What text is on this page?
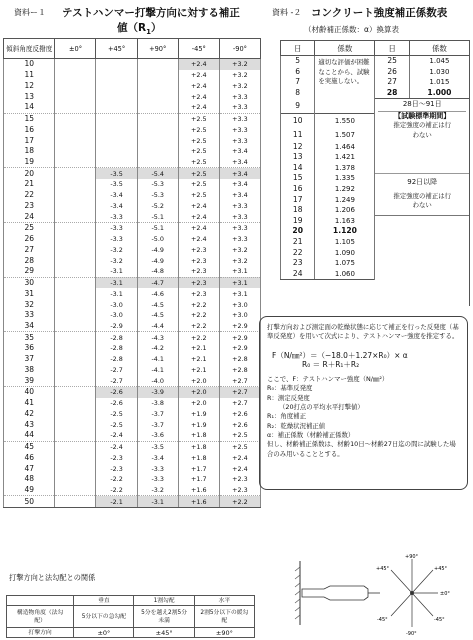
資料ー１ テストハンマー打撃方向に対する補正
値$(R_1)$
傾斜角度反撥度	±0°	+45°	+90°	-45°	-90°
10				+2.4	+3.2
11				+2.4	+3.2
12				+2.4	+3.2
13				+2.4	+3.3
14				+2.4	+3.3
15				+2.5	+3.3
16				+2.5	+3.3
17				+2.5	+3.3
18				+2.5	+3.4
19				+2.5	+3.4
20		-3.5	-5.4	+2.5	+3.4
21		-3.5	-5.3	+2.5	+3.4
22		-3.4	-5.3	+2.5	+3.4
23		-3.4	-5.2	+2.4	+3.3
24		-3.3	-5.1	+2.4	+3.3
25		-3.3	-5.1	+2.4	+3.3
26		-3.3	-5.0	+2.4	+3.3
27		-3.2	-4.9	+2.3	+3.2
28		-3.2	-4.9	+2.3	+3.2
29		-3.1	-4.8	+2.3	+3.1
30		-3.1	-4.7	+2.3	+3.1
31		-3.1	-4.6	+2.3	+3.1
32		-3.0	-4.5	+2.2	+3.0
33		-3.0	-4.5	+2.2	+3.0
34		-2.9	-4.4	+2.2	+2.9
35		-2.8	-4.3	+2.2	+2.9
36		-2.8	-4.2	+2.1	+2.9
37		-2.8	-4.1	+2.1	+2.8
38		-2.7	-4.1	+2.1	+2.8
39		-2.7	-4.0	+2.0	+2.7
40		-2.6	-3.9	+2.0	+2.7
41		-2.6	-3.8	+2.0	+2.7
42		-2.5	-3.7	+1.9	+2.6
43		-2.5	-3.7	+1.9	+2.6
44		-2.4	-3.6	+1.8	+2.5
45		-2.4	-3.5	+1.8	+2.5
46		-2.3	-3.4	+1.8	+2.4
47		-2.3	-3.3	+1.7	+2.4
48		-2.2	-3.3	+1.7	+2.3
49		-2.2	-3.2	+1.6	+2.3
50		-2.1	-3.1	+1.6	+2.2
資料 -２ コンクリート強度補正係数表
（材齢補正係数：α）換算表
日	係数	日	係数
5	適切な評価が困難なことから、試験を実施しない。	25	1.045
6		26	1.030
7		27	1.015
8		28	1.000
9		28日〜91日
【試験標準期間】
推定強度の補正は行わない	

10	1.550		
11	1.507		
12	1.464		
13	1.421		
14	1.378		
15	1.335	92日以降
推定強度の補正は行わない	

16	1.292		
17	1.249		
18	1.206		
19	1.163		
20	1.120		
21	1.105		
22	1.090		
23	1.075		
24	1.060		

打撃方向および測定面の乾燥状態に応じて補正を行った反発度（基準反発度）を用いて次式により、テストハンマー強度を推定する。

F（N/㎜²）＝（−18.0＋1.27×R₀）× α

R₀ ＝ R＋R₁＋R₂

ここで、F：テストハンマー強度（N/㎜²）

R₀：基準反発度

R：測定反発度

（20打点の平均水平打撃値）

R₁：角度補正

R₂：乾燥状況補正値

α：補正係数（材齢補正係数）

但し、材齢補正係数は、材齢10日〜材齢27日迄の間に試験した場合のみ用いることとする。

打撃方向と法勾配との関係
	垂直	1割勾配	水平
構造物角度（法勾配）	5分以下の急勾配	5分を越え2割5分未満	2割5分以下の緩勾配
打撃方向	±0°	±45°	±90°
+90°
+45°	+45°
±0°
-45°
-90°
-45°
